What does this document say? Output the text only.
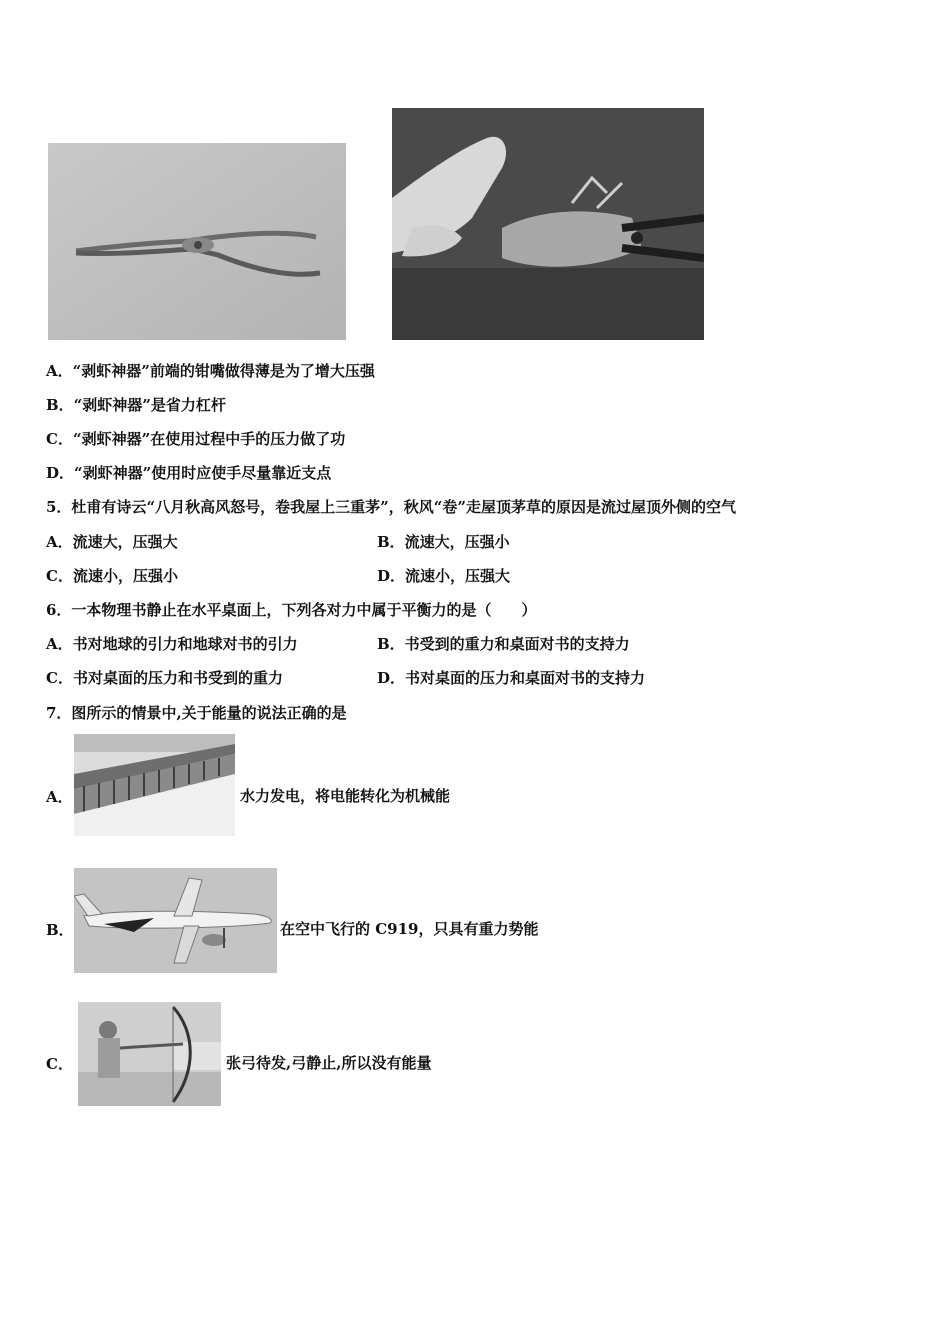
A．“剥虾神器”前端的钳嘴做得薄是为了增大压强
B．“剥虾神器”是省力杠杆
C．“剥虾神器”在使用过程中手的压力做了功
D．“剥虾神器”使用时应使手尽量靠近支点
5．杜甫有诗云“八月秋高风怒号，卷我屋上三重茅”，秋风“卷”走屋顶茅草的原因是流过屋顶外侧的空气
A．流速大，压强大	B．流速大，压强小
C．流速小，压强小	D．流速小，压强大
6．一本物理书静止在水平桌面上，下列各对力中属于平衡力的是（　　）
A．书对地球的引力和地球对书的引力	B．书受到的重力和桌面对书的支持力
C．书对桌面的压力和书受到的重力	D．书对桌面的压力和桌面对书的支持力
7．图所示的情景中,关于能量的说法正确的是
A．	水力发电，将电能转化为机械能
B．	在空中飞行的 C919，只具有重力势能
C．	张弓待发,弓静止,所以没有能量
